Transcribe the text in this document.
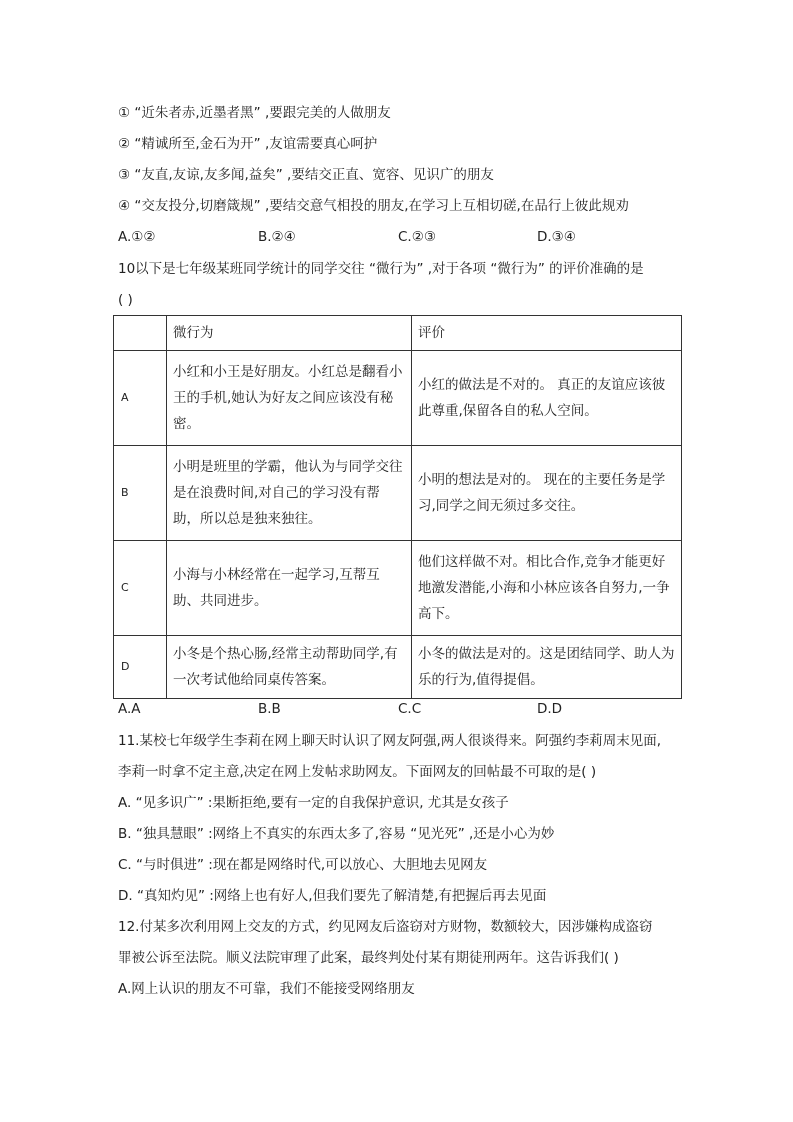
① “近朱者赤,近墨者黑” ,要跟完美的人做朋友
② “精诚所至,金石为开” ,友谊需要真心呵护
③ “友直,友谅,友多闻,益矣” ,要结交正直、宽容、见识广的朋友
④ “交友投分,切磨箴规” ,要结交意气相投的朋友,在学习上互相切磋,在品行上彼此规劝
A.①②	B.②④	C.②③	D.③④
10以下是七年级某班同学统计的同学交往 “微行为” ,对于各项 “微行为” 的评价准确的是
( )
	微行为	评价
A	小红和小王是好朋友。小红总是翻看小王的手机,她认为好友之间应该没有秘密。	小红的做法是不对的。 真正的友谊应该彼此尊重,保留各自的私人空间。
B	小明是班里的学霸，他认为与同学交往是在浪费时间,对自己的学习没有帮助，所以总是独来独往。	小明的想法是对的。 现在的主要任务是学习,同学之间无须过多交往。
C	小海与小林经常在一起学习,互帮互助、共同进步。	他们这样做不对。相比合作,竞争才能更好地激发潜能,小海和小林应该各自努力,一争高下。
D	小冬是个热心肠,经常主动帮助同学,有一次考试他给同桌传答案。	小冬的做法是对的。这是团结同学、助人为乐的行为,值得提倡。
A.A	B.B	C.C	D.D
11.某校七年级学生李莉在网上聊天时认识了网友阿强,两人很谈得来。阿强约李莉周末见面,
李莉一时拿不定主意,决定在网上发帖求助网友。下面网友的回帖最不可取的是( )
A. “见多识广” :果断拒绝,要有一定的自我保护意识, 尤其是女孩子
B. “独具慧眼” :网络上不真实的东西太多了,容易 “见光死” ,还是小心为妙
C. “与时俱进” :现在都是网络时代,可以放心、大胆地去见网友
D. “真知灼见” :网络上也有好人,但我们要先了解清楚,有把握后再去见面
12.付某多次利用网上交友的方式，约见网友后盗窃对方财物，数额较大，因涉嫌构成盗窃
罪被公诉至法院。顺义法院审理了此案，最终判处付某有期徒刑两年。这告诉我们( )
A.网上认识的朋友不可靠，我们不能接受网络朋友
